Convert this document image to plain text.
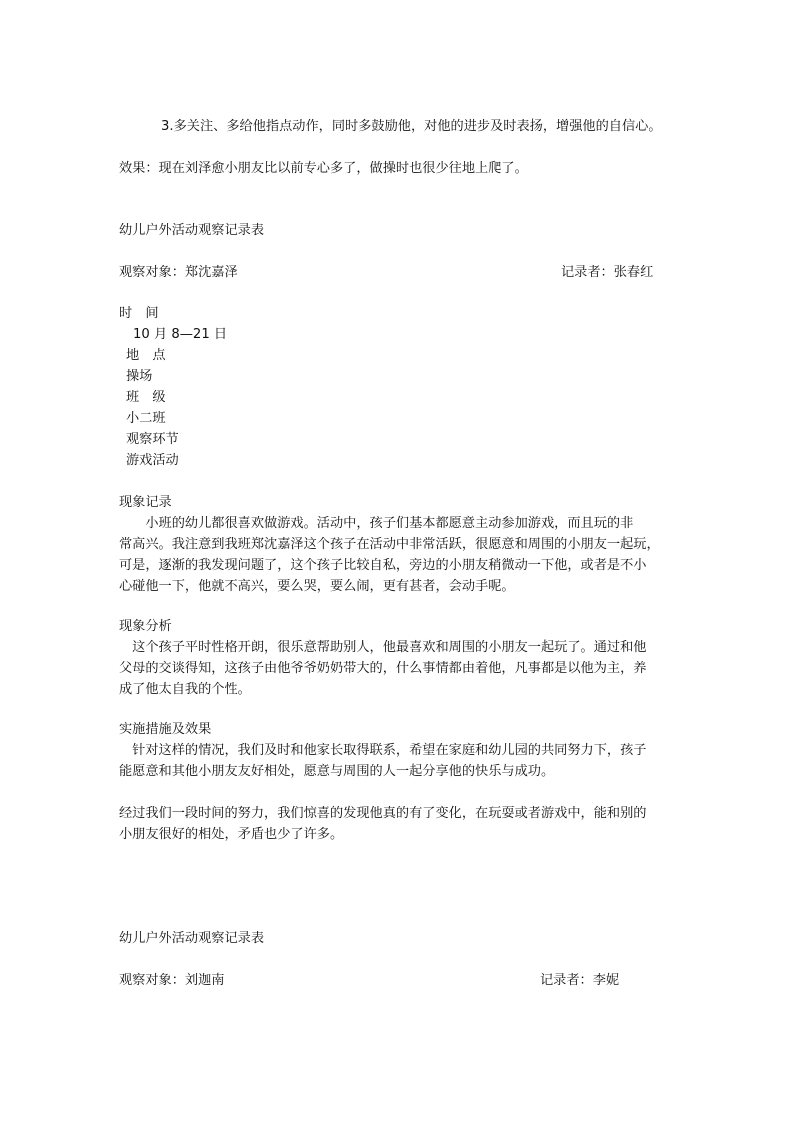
3.多关注、多给他指点动作，同时多鼓励他，对他的进步及时表扬，增强他的自信心。
效果：现在刘泽愈小朋友比以前专心多了，做操时也很少往地上爬了。
幼儿户外活动观察记录表
观察对象：郑沈嘉泽	记录者：张春红
时　间
10 月 8—21 日
地　点
操场
班　级
小二班
观察环节
游戏活动
现象记录
　　小班的幼儿都很喜欢做游戏。活动中，孩子们基本都愿意主动参加游戏，而且玩的非
常高兴。我注意到我班郑沈嘉泽这个孩子在活动中非常活跃，很愿意和周围的小朋友一起玩，
可是，逐渐的我发现问题了，这个孩子比较自私，旁边的小朋友稍微动一下他，或者是不小
心碰他一下，他就不高兴，要么哭，要么闹，更有甚者，会动手呢。
现象分析
　这个孩子平时性格开朗，很乐意帮助别人，他最喜欢和周围的小朋友一起玩了。通过和他
父母的交谈得知，这孩子由他爷爷奶奶带大的，什么事情都由着他，凡事都是以他为主，养
成了他太自我的个性。
实施措施及效果
　针对这样的情况，我们及时和他家长取得联系，希望在家庭和幼儿园的共同努力下，孩子
能愿意和其他小朋友友好相处，愿意与周围的人一起分享他的快乐与成功。
经过我们一段时间的努力，我们惊喜的发现他真的有了变化，在玩耍或者游戏中，能和别的
小朋友很好的相处，矛盾也少了许多。
幼儿户外活动观察记录表
观察对象：刘迦南	记录者：李妮
